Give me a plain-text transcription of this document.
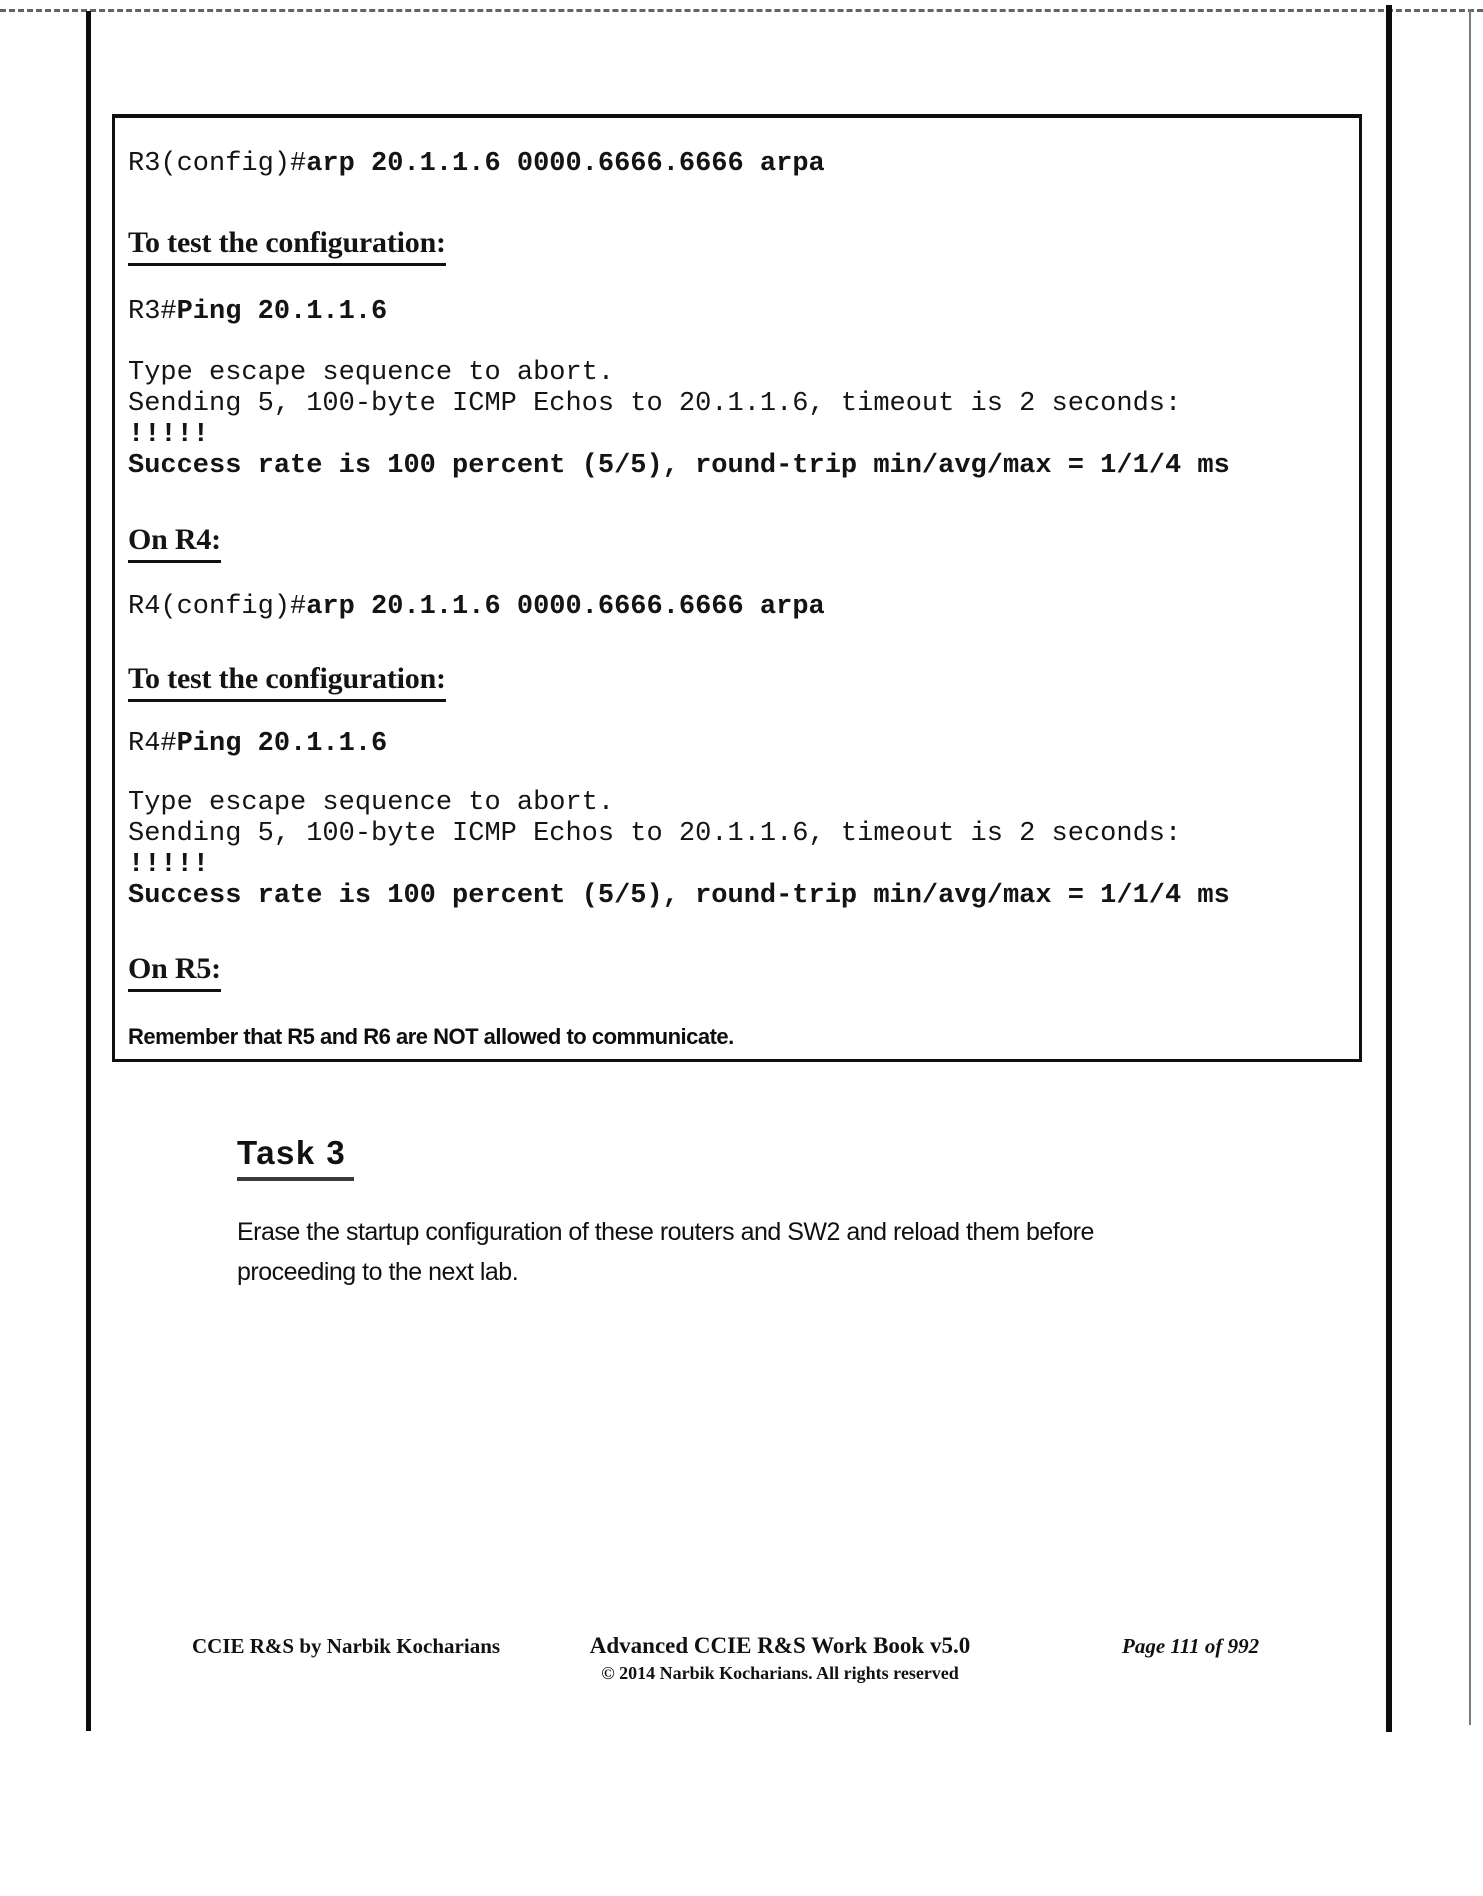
R3(config)#arp 20.1.1.6 0000.6666.6666 arpa
To test the configuration:
R3#Ping 20.1.1.6
Type escape sequence to abort.
Sending 5, 100-byte ICMP Echos to 20.1.1.6, timeout is 2 seconds:
!!!!!
Success rate is 100 percent (5/5), round-trip min/avg/max = 1/1/4 ms
On R4:
R4(config)#arp 20.1.1.6 0000.6666.6666 arpa
To test the configuration:
R4#Ping 20.1.1.6
Type escape sequence to abort.
Sending 5, 100-byte ICMP Echos to 20.1.1.6, timeout is 2 seconds:
!!!!!
Success rate is 100 percent (5/5), round-trip min/avg/max = 1/1/4 ms
On R5:
Remember that R5 and R6 are NOT allowed to communicate.
Task 3
Erase the startup configuration of these routers and SW2 and reload them before
proceeding to the next lab.
CCIE R&S by Narbik Kocharians	Advanced CCIE R&S Work Book v5.0
© 2014 Narbik Kocharians. All rights reserved
Page 111 of 992
